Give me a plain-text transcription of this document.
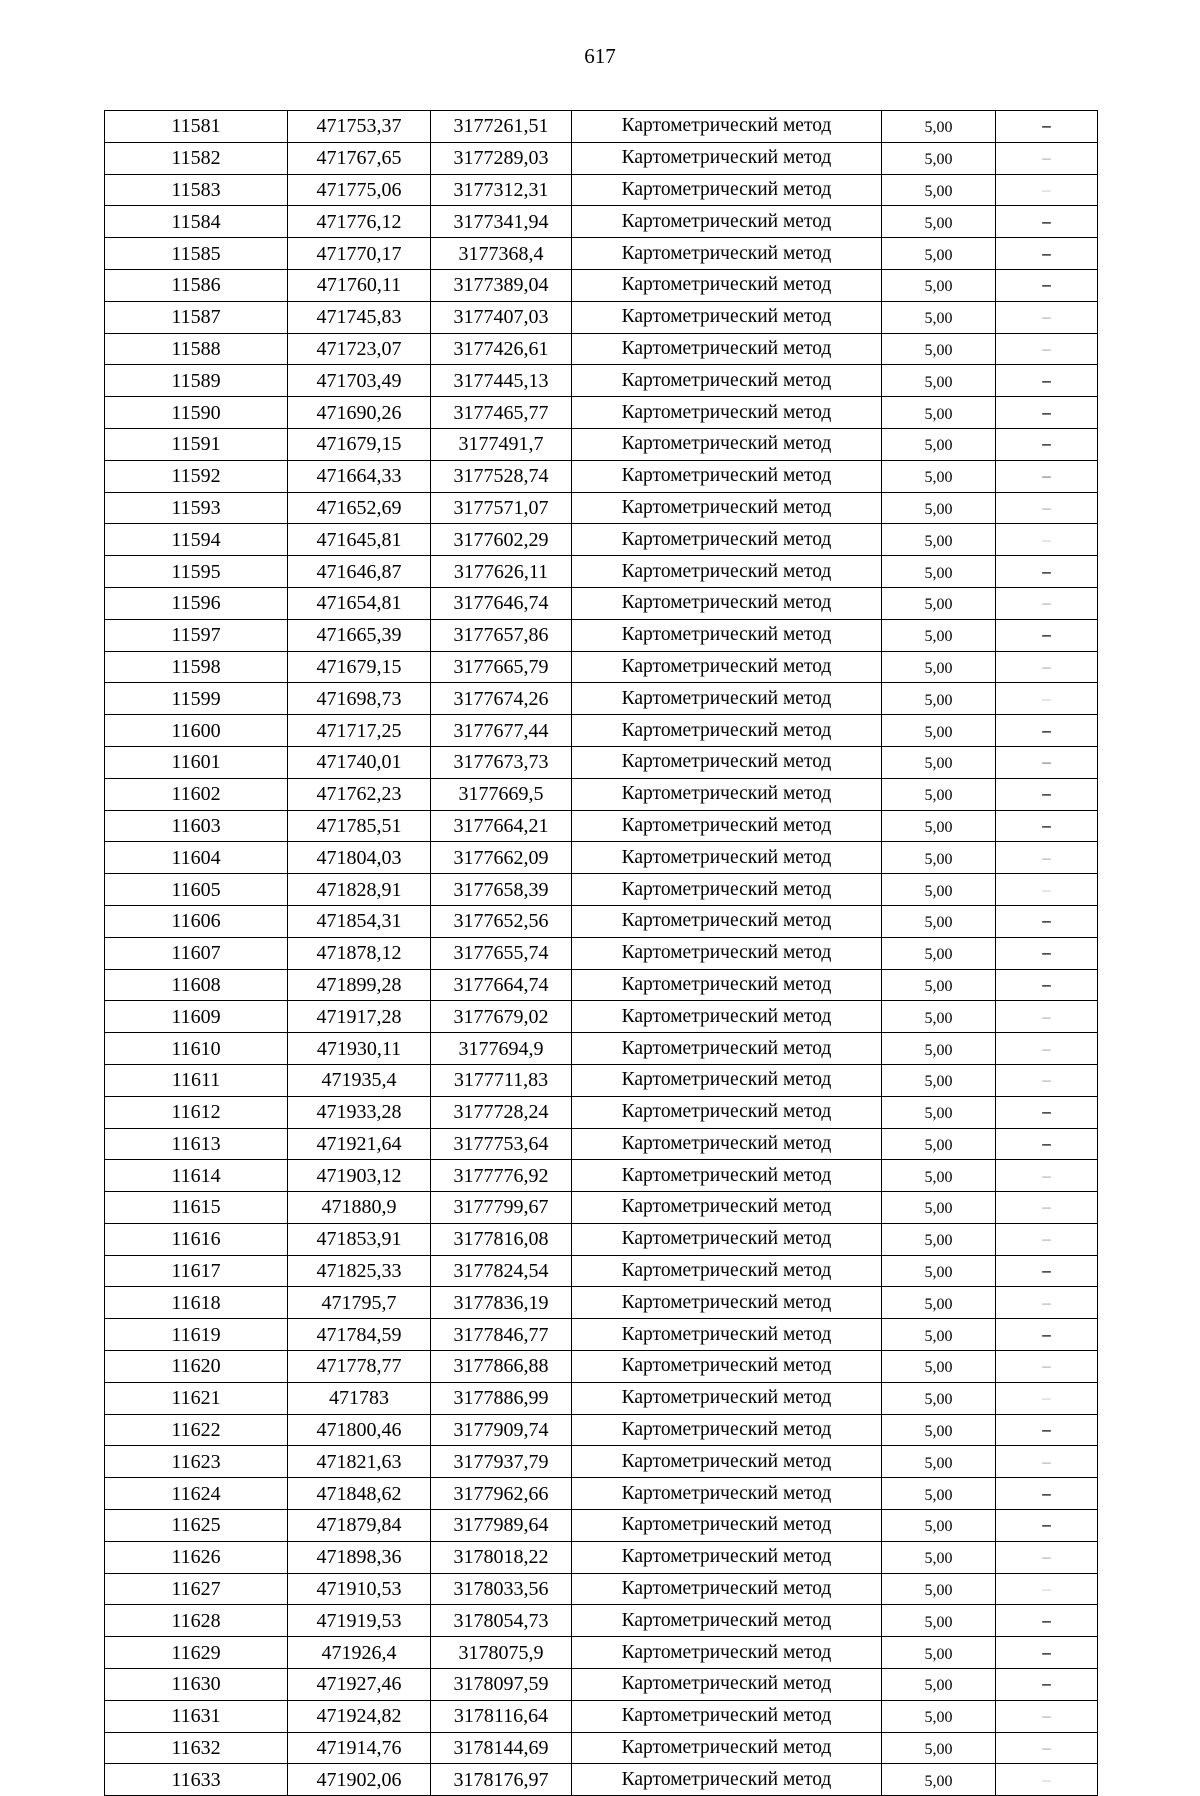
617
11581	471753,37	3177261,51	Картометрический метод	5,00	–
11582	471767,65	3177289,03	Картометрический метод	5,00	–
11583	471775,06	3177312,31	Картометрический метод	5,00	–
11584	471776,12	3177341,94	Картометрический метод	5,00	–
11585	471770,17	3177368,4	Картометрический метод	5,00	–
11586	471760,11	3177389,04	Картометрический метод	5,00	–
11587	471745,83	3177407,03	Картометрический метод	5,00	–
11588	471723,07	3177426,61	Картометрический метод	5,00	–
11589	471703,49	3177445,13	Картометрический метод	5,00	–
11590	471690,26	3177465,77	Картометрический метод	5,00	–
11591	471679,15	3177491,7	Картометрический метод	5,00	–
11592	471664,33	3177528,74	Картометрический метод	5,00	–
11593	471652,69	3177571,07	Картометрический метод	5,00	–
11594	471645,81	3177602,29	Картометрический метод	5,00	–
11595	471646,87	3177626,11	Картометрический метод	5,00	–
11596	471654,81	3177646,74	Картометрический метод	5,00	–
11597	471665,39	3177657,86	Картометрический метод	5,00	–
11598	471679,15	3177665,79	Картометрический метод	5,00	–
11599	471698,73	3177674,26	Картометрический метод	5,00	–
11600	471717,25	3177677,44	Картометрический метод	5,00	–
11601	471740,01	3177673,73	Картометрический метод	5,00	–
11602	471762,23	3177669,5	Картометрический метод	5,00	–
11603	471785,51	3177664,21	Картометрический метод	5,00	–
11604	471804,03	3177662,09	Картометрический метод	5,00	–
11605	471828,91	3177658,39	Картометрический метод	5,00	–
11606	471854,31	3177652,56	Картометрический метод	5,00	–
11607	471878,12	3177655,74	Картометрический метод	5,00	–
11608	471899,28	3177664,74	Картометрический метод	5,00	–
11609	471917,28	3177679,02	Картометрический метод	5,00	–
11610	471930,11	3177694,9	Картометрический метод	5,00	–
11611	471935,4	3177711,83	Картометрический метод	5,00	–
11612	471933,28	3177728,24	Картометрический метод	5,00	–
11613	471921,64	3177753,64	Картометрический метод	5,00	–
11614	471903,12	3177776,92	Картометрический метод	5,00	–
11615	471880,9	3177799,67	Картометрический метод	5,00	–
11616	471853,91	3177816,08	Картометрический метод	5,00	–
11617	471825,33	3177824,54	Картометрический метод	5,00	–
11618	471795,7	3177836,19	Картометрический метод	5,00	–
11619	471784,59	3177846,77	Картометрический метод	5,00	–
11620	471778,77	3177866,88	Картометрический метод	5,00	–
11621	471783	3177886,99	Картометрический метод	5,00	–
11622	471800,46	3177909,74	Картометрический метод	5,00	–
11623	471821,63	3177937,79	Картометрический метод	5,00	–
11624	471848,62	3177962,66	Картометрический метод	5,00	–
11625	471879,84	3177989,64	Картометрический метод	5,00	–
11626	471898,36	3178018,22	Картометрический метод	5,00	–
11627	471910,53	3178033,56	Картометрический метод	5,00	–
11628	471919,53	3178054,73	Картометрический метод	5,00	–
11629	471926,4	3178075,9	Картометрический метод	5,00	–
11630	471927,46	3178097,59	Картометрический метод	5,00	–
11631	471924,82	3178116,64	Картометрический метод	5,00	–
11632	471914,76	3178144,69	Картометрический метод	5,00	–
11633	471902,06	3178176,97	Картометрический метод	5,00	–
